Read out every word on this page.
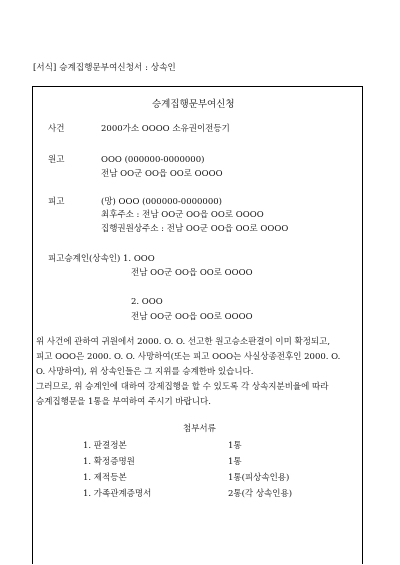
[서식] 승계집행문부여신청서 : 상속인
승계집행문부여신청
사건	2000가소 OOOO 소유권이전등기
원고	OOO (000000-0000000)
전남 OO군 OO읍 OO로 OOOO
피고	(망) OOO (000000-0000000)
최후주소 : 전남 OO군 OO읍 OO로 OOOO
집행권원상주소 : 전남 OO군 OO읍 OO로 OOOO
피고승계인(상속인) 1. OOO
전남 OO군 OO읍 OO로 OOOO
2. OOO
전남 OO군 OO읍 OO로 OOOO
위 사건에 관하여 귀원에서 2000. O. O. 선고한 원고승소판결이 이미 확정되고,
피고 OOO은 2000. O. O. 사망하여(또는 피고 OOO는 사실상종전후인 2000. O.
O. 사망하여), 위 상속인들은 그 지위를 승계한바 있습니다.
그러므로, 위 승계인에 대하여 강제집행을 할 수 있도록 각 상속지분비율에 따라
승계집행문을 1통을 부여하여 주시기 바랍니다.
첨부서류
1. 판결정본	1통
1. 확정증명원	1통
1. 제적등본	1통(피상속인용)
1. 가족관계증명서	2통(각 상속인용)
